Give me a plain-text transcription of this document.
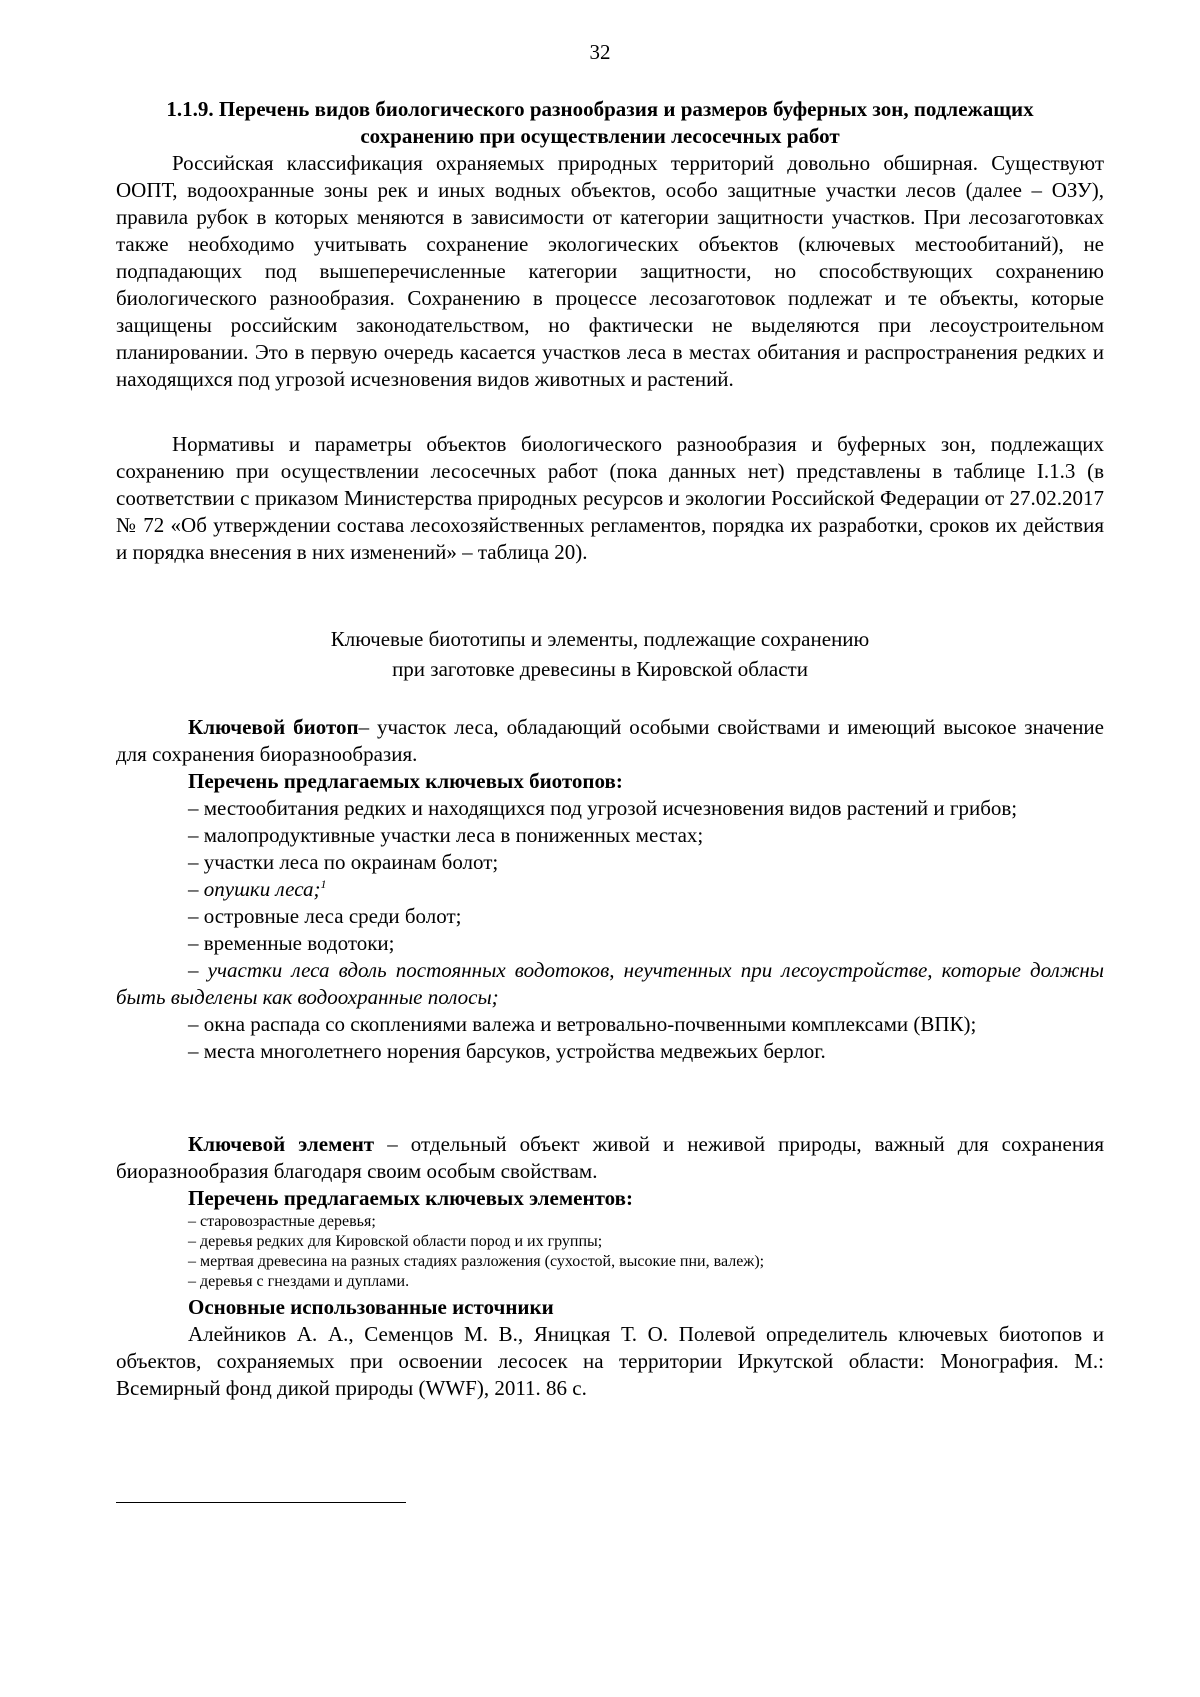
32
1.1.9. Перечень видов биологического разнообразия и размеров буферных зон, подлежащих
сохранению при осуществлении лесосечных работ

Российская классификация охраняемых природных территорий довольно обширная. Существуют ООПТ, водоохранные зоны рек и иных водных объектов, особо защитные участки лесов (далее – ОЗУ), правила рубок в которых меняются в зависимости от категории защитности участков. При лесозаготовках также необходимо учитывать сохранение экологических объектов (ключевых местообитаний), не подпадающих под вышеперечисленные категории защитности, но способствующих сохранению биологического разнообразия. Сохранению в процессе лесозаготовок подлежат и те объекты, которые защищены российским законодательством, но фактически не выделяются при лесоустроительном планировании. Это в первую очередь касается участков леса в местах обитания и распространения редких и находящихся под угрозой исчезновения видов животных и растений.

Нормативы и параметры объектов биологического разнообразия и буферных зон, подлежащих сохранению при осуществлении лесосечных работ (пока данных нет) представлены в таблице I.1.3 (в соответствии с приказом Министерства природных ресурсов и экологии Российской Федерации от 27.02.2017 № 72 «Об утверждении состава лесохозяйственных регламентов, порядка их разработки, сроков их действия и порядка внесения в них изменений» – таблица 20).

Ключевые биототипы и элементы, подлежащие сохранению
при заготовке древесины в Кировской области

Ключевой биотоп– участок леса, обладающий особыми свойствами и имеющий высокое значение для сохранения биоразнообразия.

Перечень предлагаемых ключевых биотопов:

– местообитания редких и находящихся под угрозой исчезновения видов растений и грибов;

– малопродуктивные участки леса в пониженных местах;

– участки леса по окраинам болот;

– опушки леса;$^1$

– островные леса среди болот;

– временные водотоки;

– участки леса вдоль постоянных водотоков, неучтенных при лесоустройстве, которые должны быть выделены как водоохранные полосы;

– окна распада со скоплениями валежа и ветровально-почвенными комплексами (ВПК);

– места многолетнего норения барсуков, устройства медвежьих берлог.

Ключевой элемент – отдельный объект живой и неживой природы, важный для сохранения биоразнообразия благодаря своим особым свойствам.

Перечень предлагаемых ключевых элементов:

– старовозрастные деревья;

– деревья редких для Кировской области пород и их группы;

– мертвая древесина на разных стадиях разложения (сухостой, высокие пни, валеж);

– деревья с гнездами и дуплами.

Основные использованные источники

Алейников А. А., Семенцов М. В., Яницкая Т. О. Полевой определитель ключевых биотопов и объектов, сохраняемых при освоении лесосек на территории Иркутской области: Монография. М.: Всемирный фонд дикой природы (WWF), 2011. 86 с.
